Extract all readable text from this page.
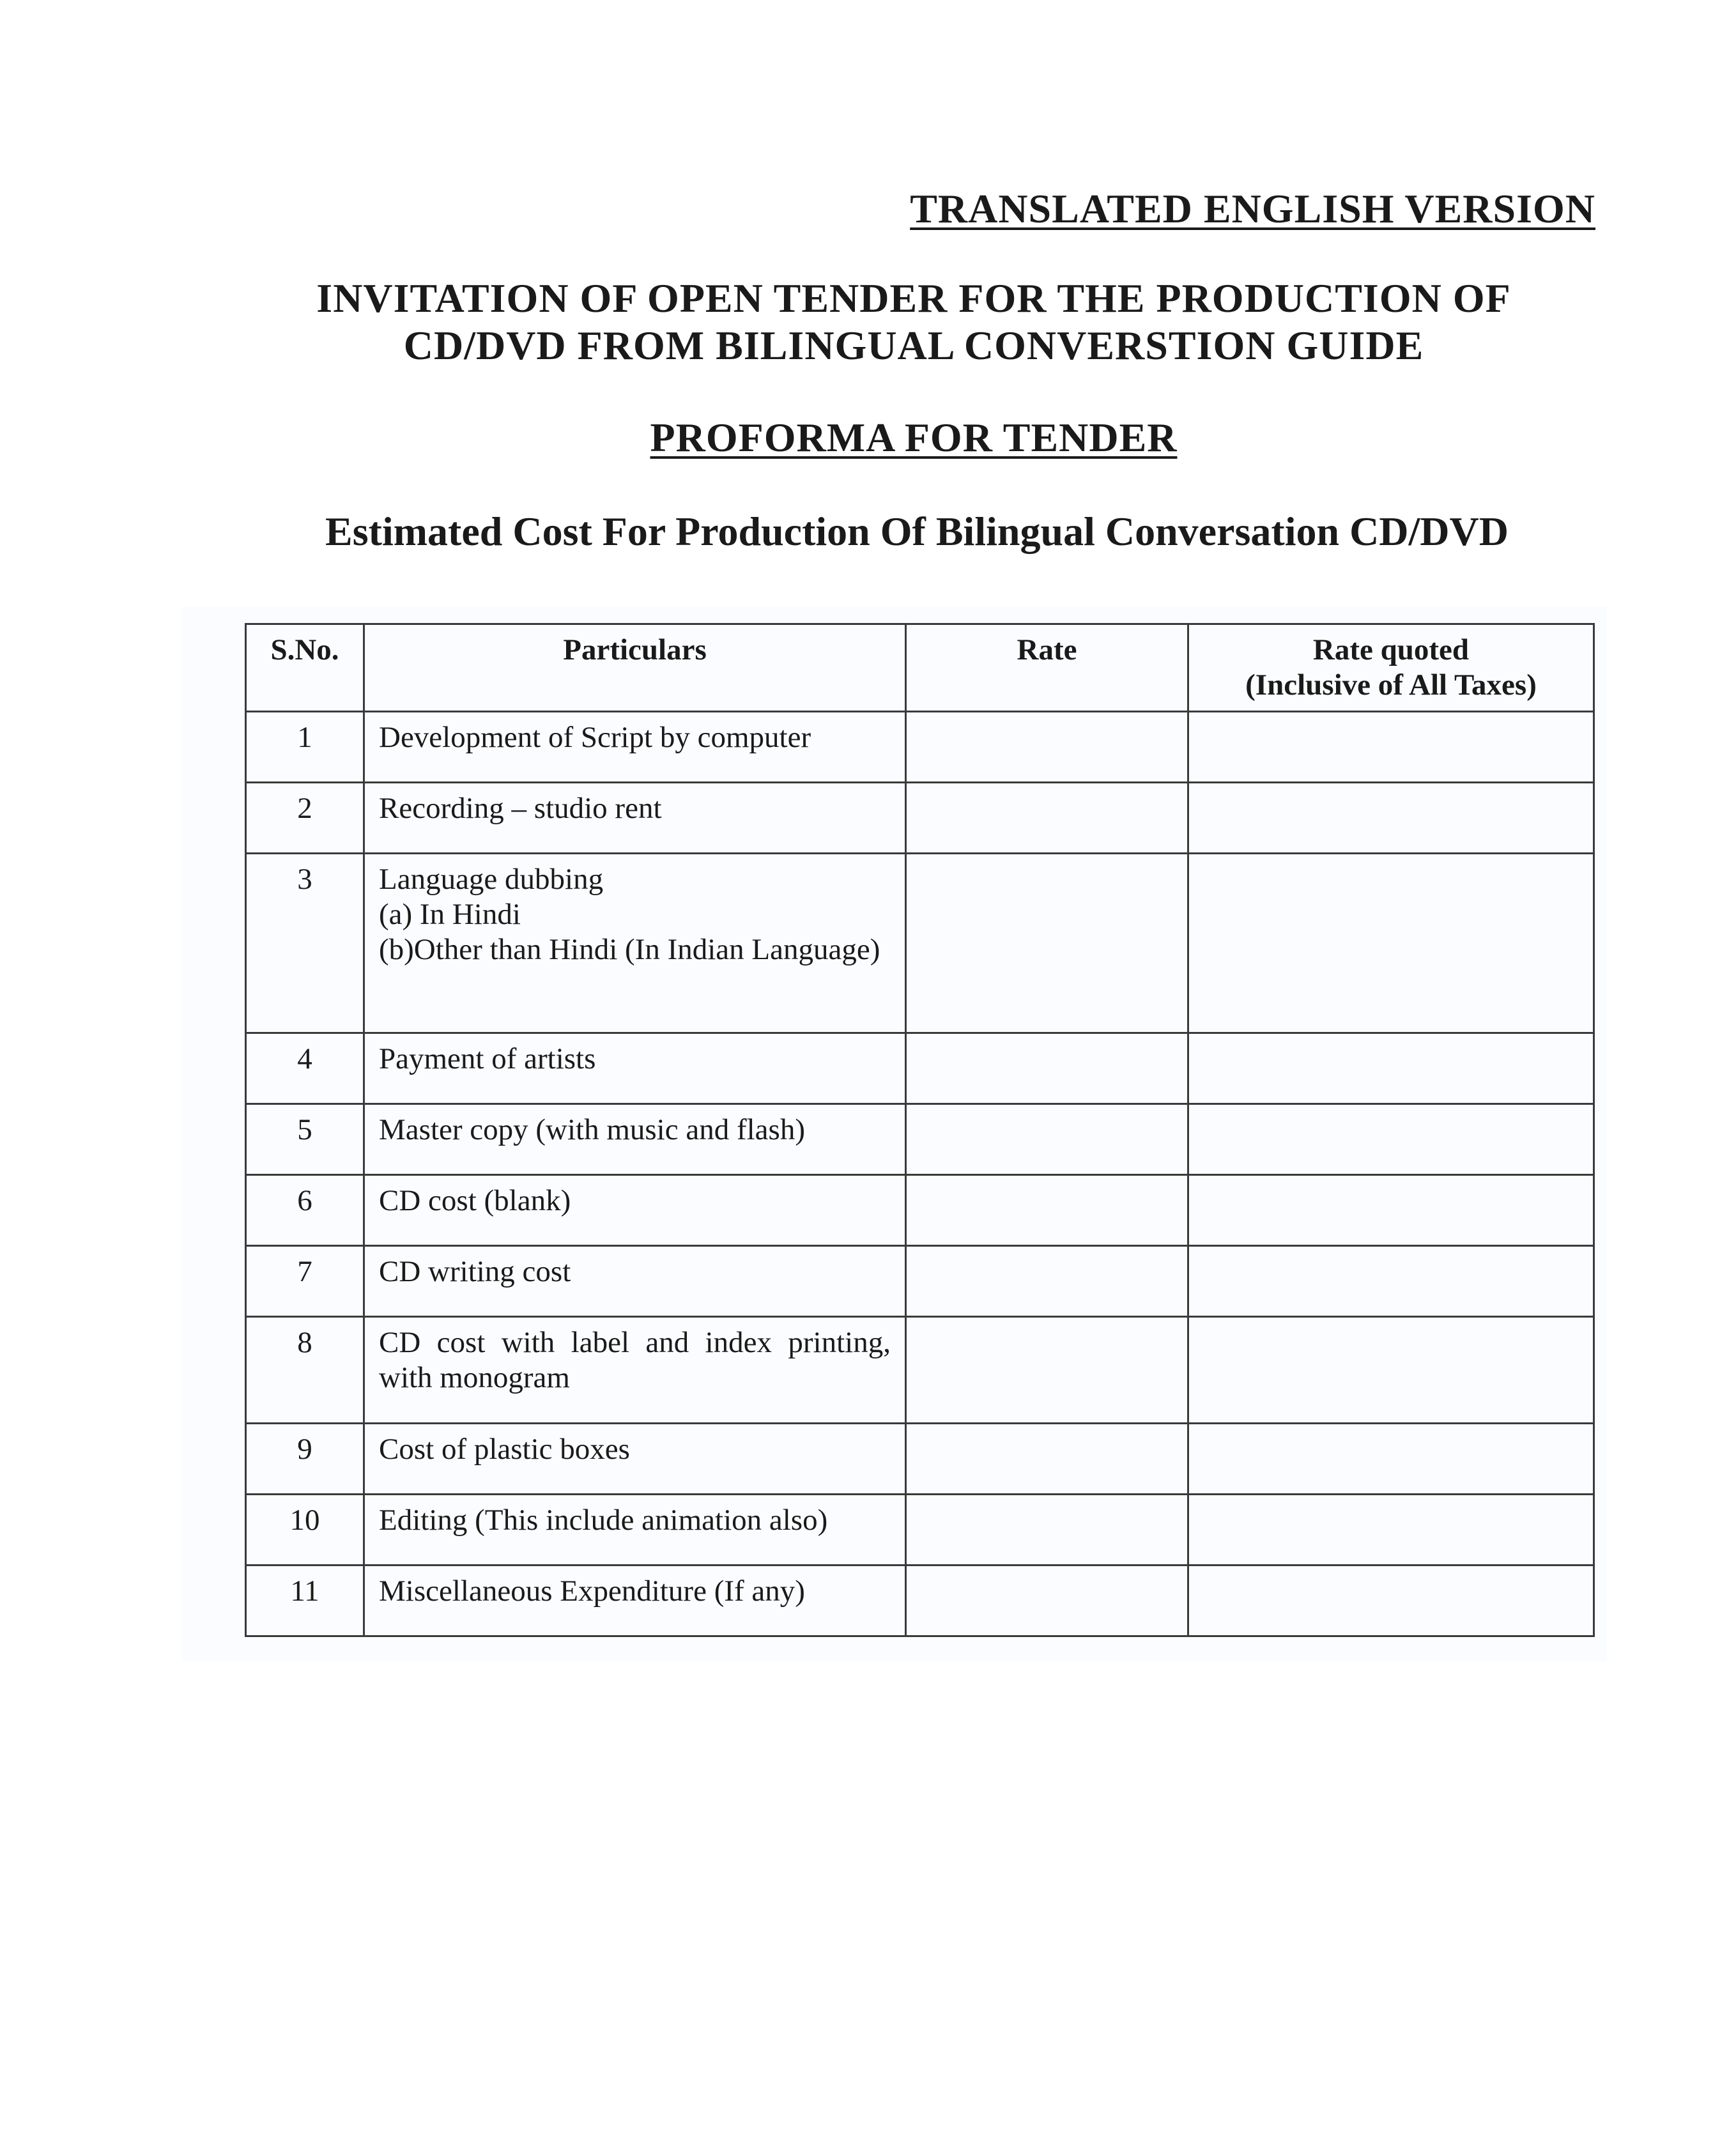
TRANSLATED ENGLISH VERSION
INVITATION OF OPEN TENDER FOR THE PRODUCTION OF
CD/DVD FROM BILINGUAL CONVERSTION GUIDE
PROFORMA FOR TENDER
Estimated Cost For Production Of Bilingual Conversation CD/DVD
S.No.	Particulars	Rate	Rate quoted
(Inclusive of All Taxes)

1	Development of Script by computer		

2	Recording – studio rent		

3	Language dubbing
(a) In Hindi
(b)Other than Hindi (In Indian Language)		

4	Payment of artists		

5	Master copy (with music and flash)		

6	CD cost (blank)		

7	CD writing cost		

8	CD cost with label and index printing, with monogram		

9	Cost of plastic boxes		

10	Editing (This include animation also)		

11	Miscellaneous Expenditure (If any)		
